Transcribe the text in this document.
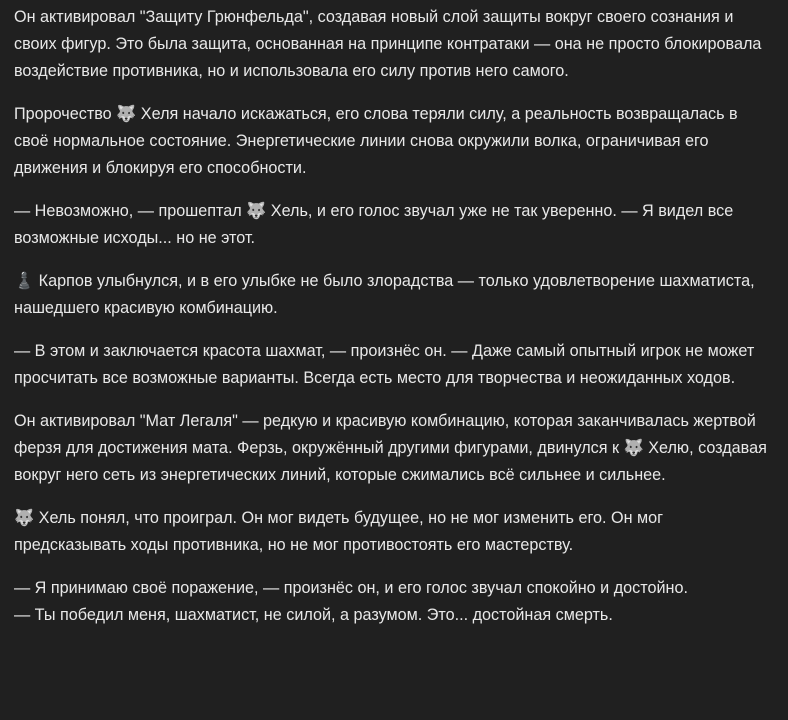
Он активировал "Защиту Грюнфельда", создавая новый слой защиты вокруг своего сознания и своих фигур. Это была защита, основанная на принципе контратаки — она не просто блокировала воздействие противника, но и использовала его силу против него самого.

Пророчество 🐺 Хеля начало искажаться, его слова теряли силу, а реальность возвращалась в своё нормальное состояние. Энергетические линии снова окружили волка, ограничивая его движения и блокируя его способности.

— Невозможно, — прошептал 🐺 Хель, и его голос звучал уже не так уверенно. — Я видел все возможные исходы... но не этот.

♟️ Карпов улыбнулся, и в его улыбке не было злорадства — только удовлетворение шахматиста, нашедшего красивую комбинацию.

— В этом и заключается красота шахмат, — произнёс он. — Даже самый опытный игрок не может просчитать все возможные варианты. Всегда есть место для творчества и неожиданных ходов.

Он активировал "Мат Легаля" — редкую и красивую комбинацию, которая заканчивалась жертвой ферзя для достижения мата. Ферзь, окружённый другими фигурами, двинулся к 🐺 Хелю, создавая вокруг него сеть из энергетических линий, которые сжимались всё сильнее и сильнее.

🐺 Хель понял, что проиграл. Он мог видеть будущее, но не мог изменить его. Он мог предсказывать ходы противника, но не мог противостоять его мастерству.

— Я принимаю своё поражение, — произнёс он, и его голос звучал спокойно и достойно.
— Ты победил меня, шахматист, не силой, а разумом. Это... достойная смерть.
